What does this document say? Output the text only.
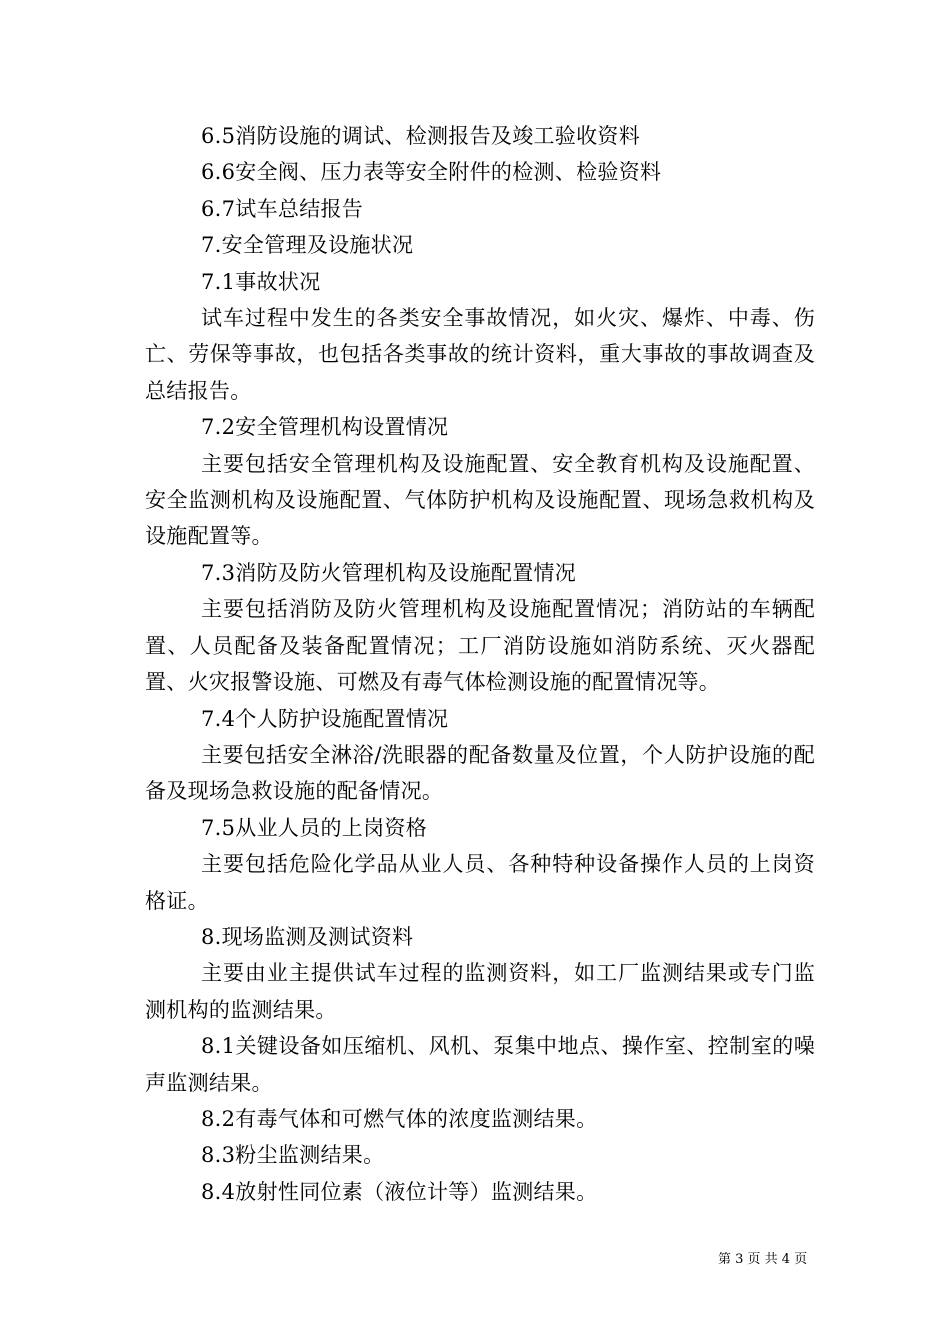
6.5消防设施的调试、检测报告及竣工验收资料

6.6安全阀、压力表等安全附件的检测、检验资料

6.7试车总结报告

7.安全管理及设施状况

7.1事故状况

试车过程中发生的各类安全事故情况，如火灾、爆炸、中毒、伤亡、劳保等事故，也包括各类事故的统计资料，重大事故的事故调查及总结报告。

7.2安全管理机构设置情况

主要包括安全管理机构及设施配置、安全教育机构及设施配置、安全监测机构及设施配置、气体防护机构及设施配置、现场急救机构及设施配置等。

7.3消防及防火管理机构及设施配置情况

主要包括消防及防火管理机构及设施配置情况；消防站的车辆配置、人员配备及装备配置情况；工厂消防设施如消防系统、灭火器配置、火灾报警设施、可燃及有毒气体检测设施的配置情况等。

7.4个人防护设施配置情况

主要包括安全淋浴/洗眼器的配备数量及位置，个人防护设施的配备及现场急救设施的配备情况。

7.5从业人员的上岗资格

主要包括危险化学品从业人员、各种特种设备操作人员的上岗资格证。

8.现场监测及测试资料

主要由业主提供试车过程的监测资料，如工厂监测结果或专门监测机构的监测结果。

8.1关键设备如压缩机、风机、泵集中地点、操作室、控制室的噪声监测结果。

8.2有毒气体和可燃气体的浓度监测结果。

8.3粉尘监测结果。

8.4放射性同位素（液位计等）监测结果。

第 3 页 共 4 页
